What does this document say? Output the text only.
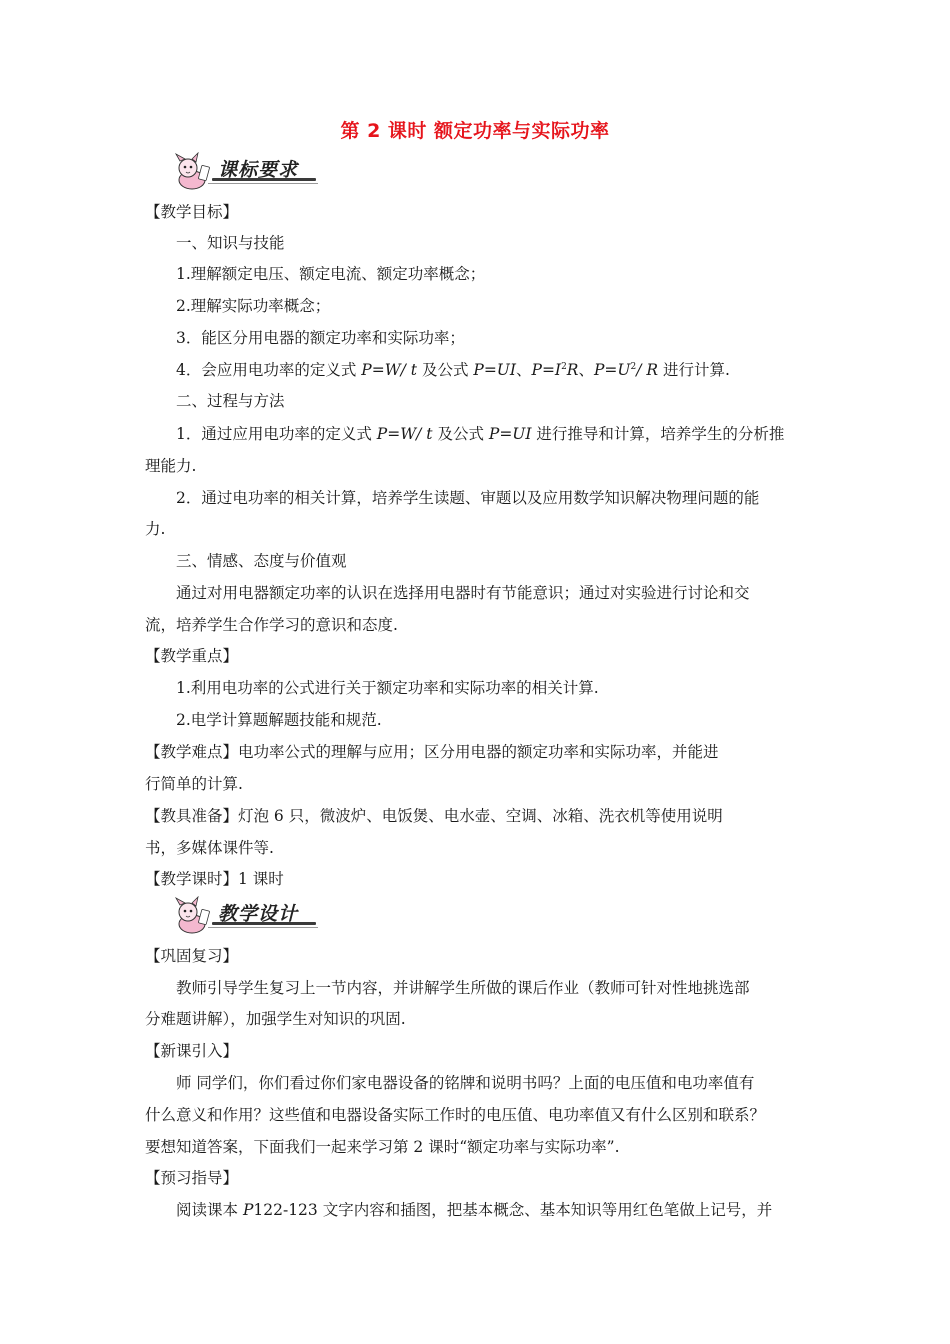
第 2 课时 额定功率与实际功率
课标要求
【教学目标】
一、知识与技能
1.理解额定电压、额定电流、额定功率概念；
2.理解实际功率概念；
3．能区分用电器的额定功率和实际功率；
4．会应用电功率的定义式 P=W/ t 及公式 P=UI、$P=I^2R$、$P=U^2/$ R 进行计算.
二、过程与方法
1．通过应用电功率的定义式 P=W/ t 及公式 P=UI 进行推导和计算，培养学生的分析推
理能力.
2．通过电功率的相关计算，培养学生读题、审题以及应用数学知识解决物理问题的能
力.
三、情感、态度与价值观
通过对用电器额定功率的认识在选择用电器时有节能意识；通过对实验进行讨论和交
流，培养学生合作学习的意识和态度.
【教学重点】
1.利用电功率的公式进行关于额定功率和实际功率的相关计算.
2.电学计算题解题技能和规范.
【教学难点】电功率公式的理解与应用；区分用电器的额定功率和实际功率，并能进
行简单的计算.
【教具准备】灯泡 6 只，微波炉、电饭煲、电水壶、空调、冰箱、洗衣机等使用说明
书，多媒体课件等.
【教学课时】1 课时
教学设计
【巩固复习】
教师引导学生复习上一节内容，并讲解学生所做的课后作业（教师可针对性地挑选部
分难题讲解），加强学生对知识的巩固.
【新课引入】
师 同学们，你们看过你们家电器设备的铭牌和说明书吗？上面的电压值和电功率值有
什么意义和作用？这些值和电器设备实际工作时的电压值、电功率值又有什么区别和联系？
要想知道答案，下面我们一起来学习第 2 课时“额定功率与实际功率”.
【预习指导】
阅读课本 P122-123 文字内容和插图，把基本概念、基本知识等用红色笔做上记号，并
